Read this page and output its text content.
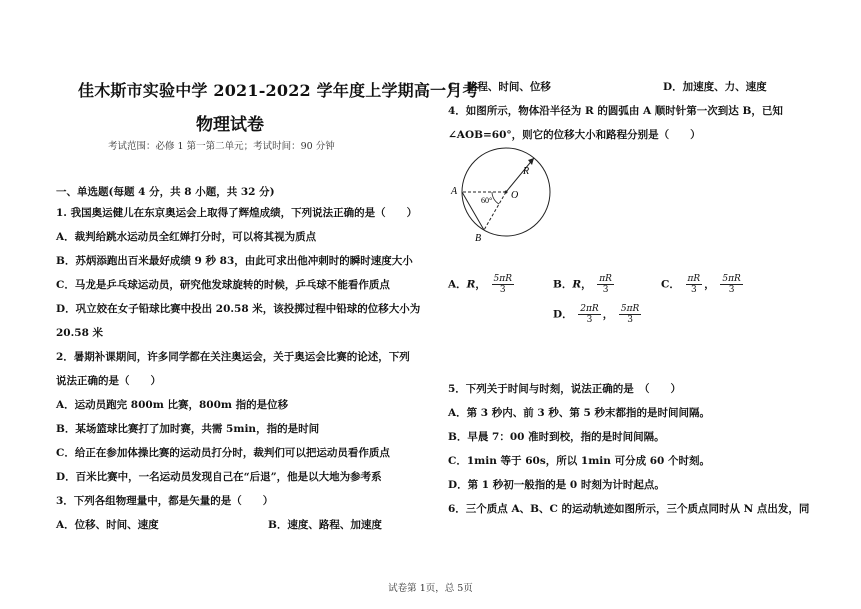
佳木斯市实验中学 2021-2022 学年度上学期高一月考
物理试卷
考试范围：必修 1 第一第二单元；考试时间：90 分钟
一、单选题(每题 4 分，共 8 小题，共 32 分)
1. 我国奥运健儿在东京奥运会上取得了辉煌成绩，下列说法正确的是（　　）
A．裁判给跳水运动员全红婵打分时，可以将其视为质点
B．苏炳添跑出百米最好成绩 9 秒 83，由此可求出他冲刺时的瞬时速度大小
C．马龙是乒乓球运动员，研究他发球旋转的时候，乒乓球不能看作质点
D．巩立姣在女子铅球比赛中投出 20.58 米，该投掷过程中铅球的位移大小为
20.58 米
2．暑期补课期间，许多同学都在关注奥运会，关于奥运会比赛的论述，下列
说法正确的是（　　）
A．运动员跑完 800m 比赛，800m 指的是位移
B．某场篮球比赛打了加时赛，共需 5min，指的是时间
C．给正在参加体操比赛的运动员打分时，裁判们可以把运动员看作质点
D．百米比赛中，一名运动员发现自己在“后退”，他是以大地为参考系
3．下列各组物理量中，都是矢量的是（　　）
A．位移、时间、速度	B．速度、路程、加速度
C．路程、时间、位移	D．加速度、力、速度
4．如图所示，物体沿半径为 R 的圆弧由 A 顺时针第一次到达 B，已知
∠AOB=60°，则它的位移大小和路程分别是（　　）
A
B
O
R
60°
A．R， $\frac{5\pi R}{3}$	B．R， $\frac{\pi R}{3}$	C． $\frac{\pi R}{3}$ ， $\frac{5\pi R}{3}$
D． $\frac{2\pi R}{3}$ ， $\frac{5\pi R}{3}$
5．下列关于时间与时刻，说法正确的是　（　　）
A．第 3 秒内、前 3 秒、第 5 秒末都指的是时间间隔。
B．早晨 7：00 准时到校，指的是时间间隔。
C．1min 等于 60s，所以 1min 可分成 60 个时刻。
D．第 1 秒初一般指的是 0 时刻为计时起点。
6．三个质点 A、B、C 的运动轨迹如图所示，三个质点同时从 N 点出发，同
试卷第 1页，总 5页
